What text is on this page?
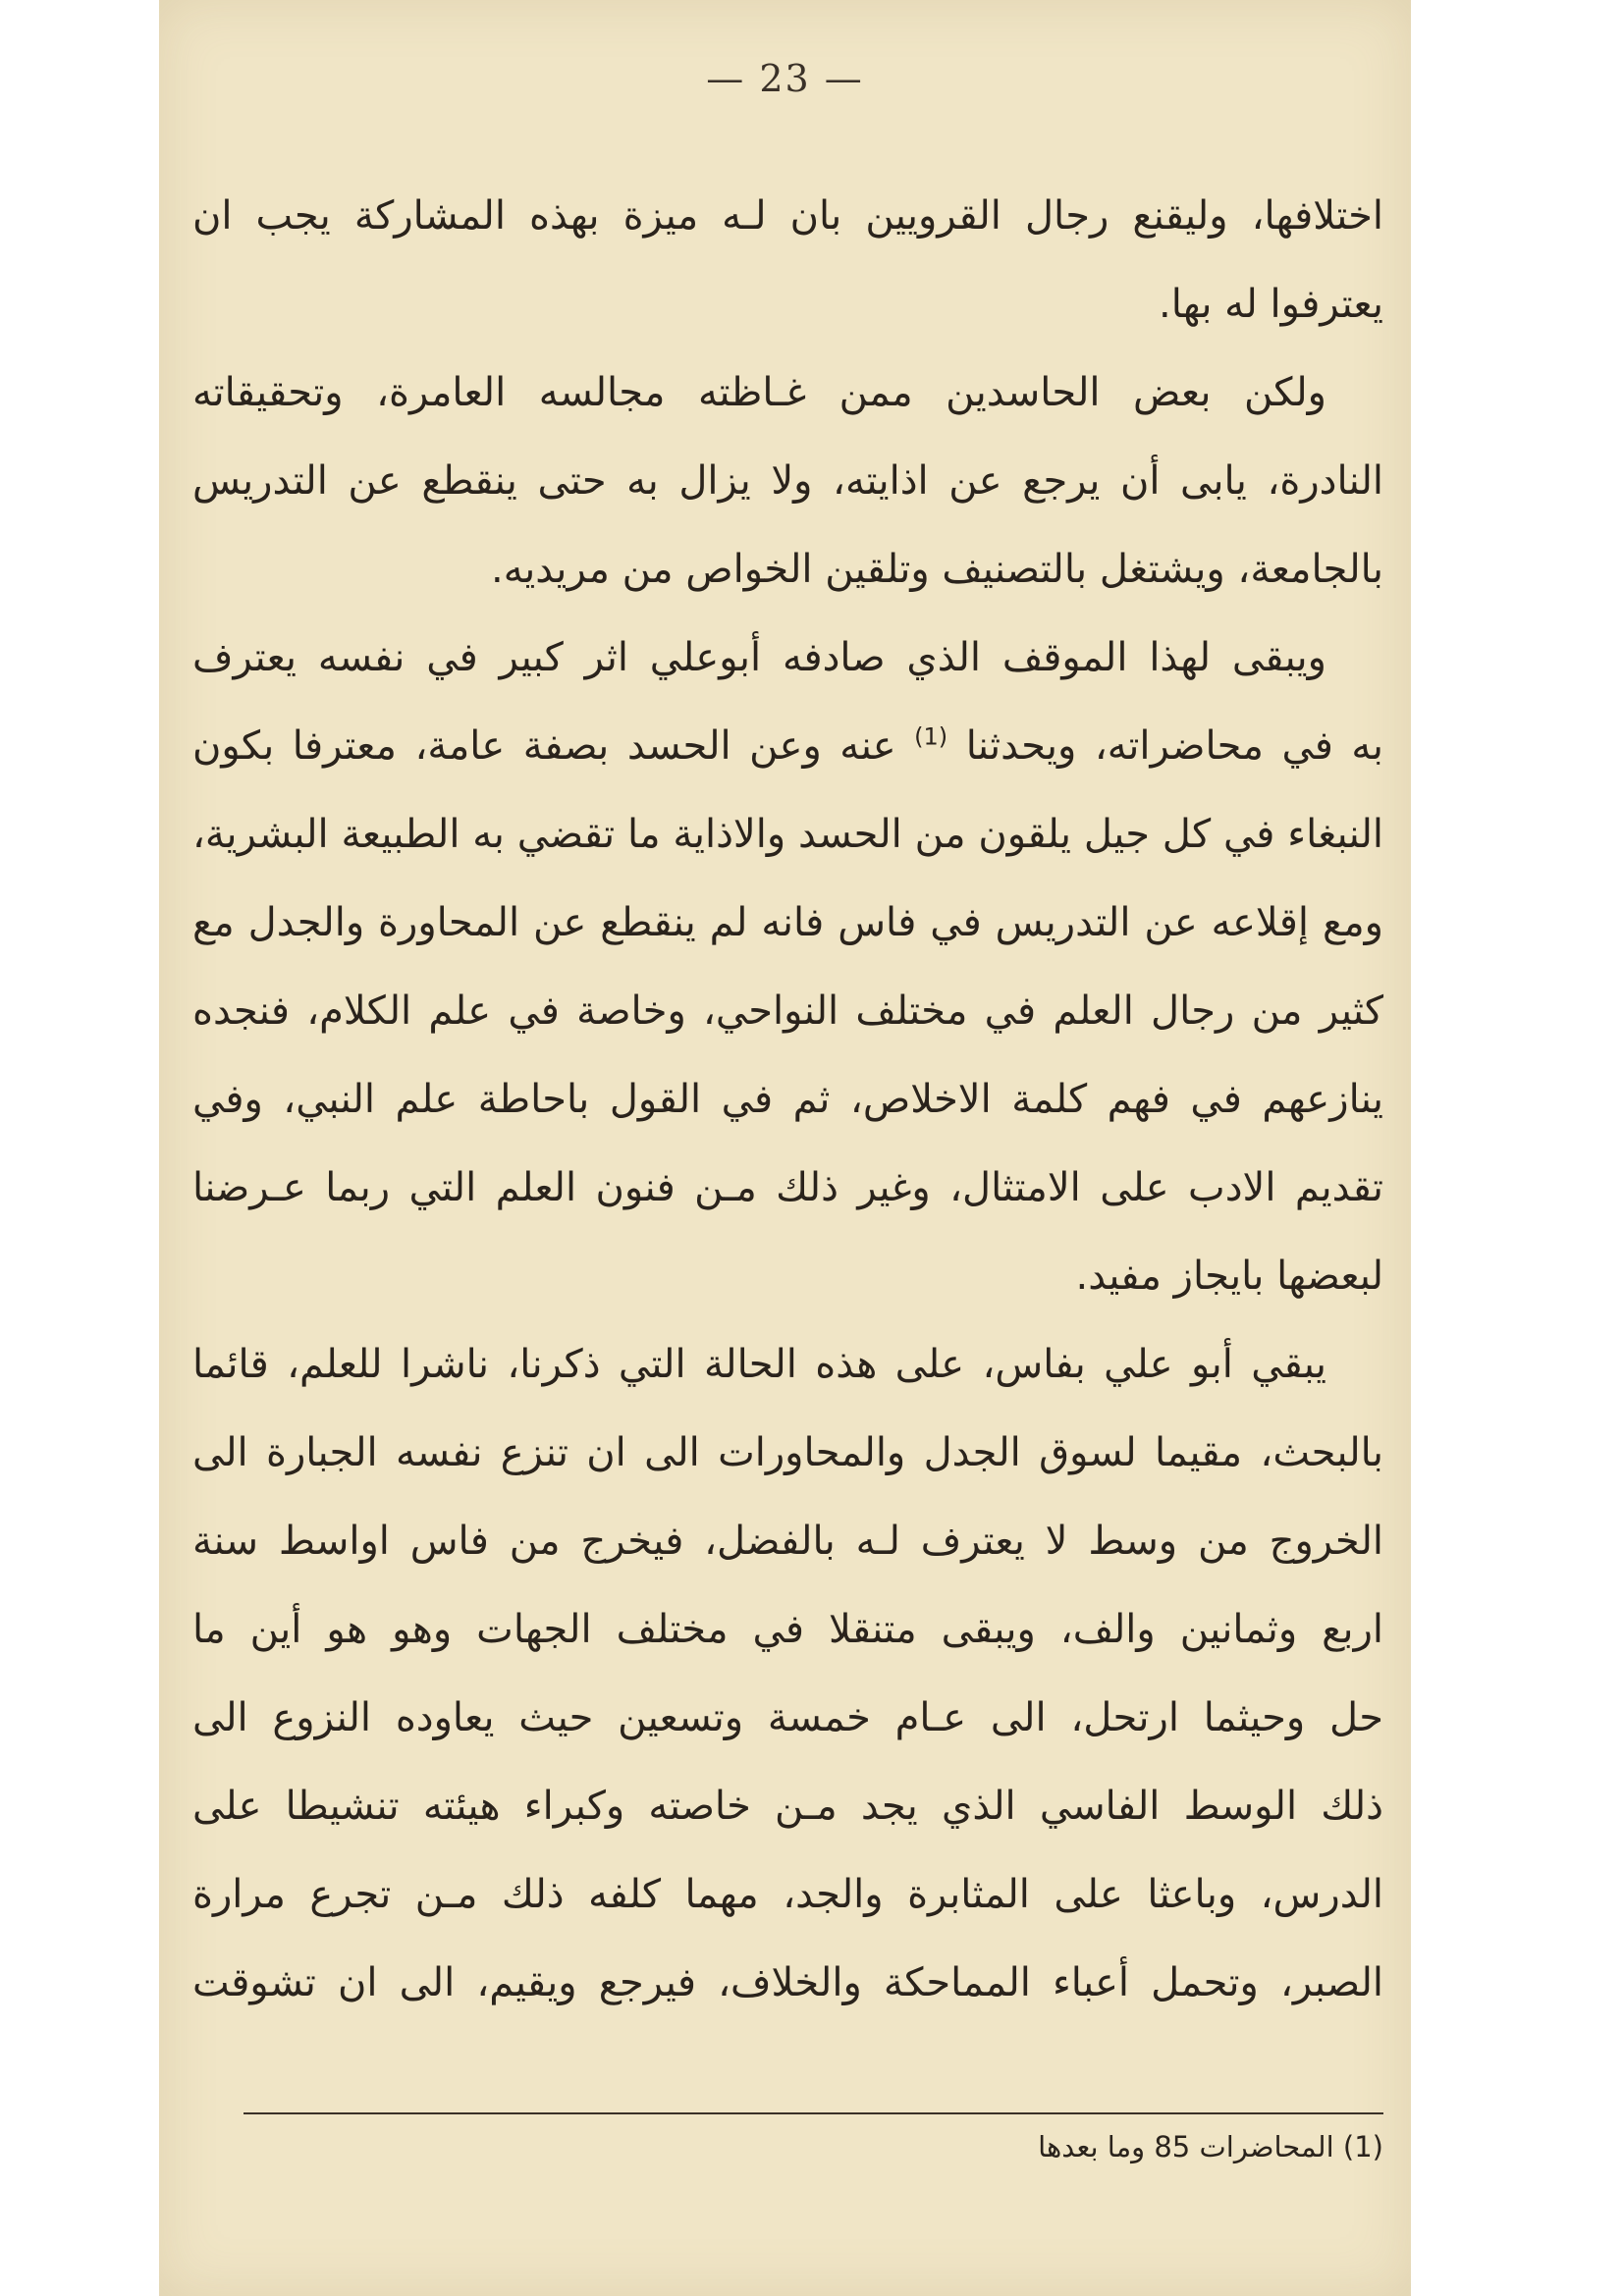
— 23 —
اختلافها، وليقنع رجال القرويين بان لـه ميزة بهذه المشاركة يجب ان
يعترفوا له بها.
ولكن بعض الحاسدين ممن غـاظته مجالسه العامرة، وتحقيقاته
النادرة، يابى أن يرجع عن اذايته، ولا يزال به حتى ينقطع عن التدريس
بالجامعة، ويشتغل بالتصنيف وتلقين الخواص من مريديه.
ويبقى لهذا الموقف الذي صادفه أبوعلي اثر كبير في نفسه يعترف
به في محاضراته، ويحدثنا $^{(1)}$ عنه وعن الحسد بصفة عامة، معترفا بكون
النبغاء في كل جيل يلقون من الحسد والاذاية ما تقضي به الطبيعة البشرية،
ومع إقلاعه عن التدريس في فاس فانه لم ينقطع عن المحاورة والجدل مع
كثير من رجال العلم في مختلف النواحي، وخاصة في علم الكلام، فنجده
ينازعهم في فهم كلمة الاخلاص، ثم في القول باحاطة علم النبي، وفي
تقديم الادب على الامتثال، وغير ذلك مـن فنون العلم التي ربما عـرضنا
لبعضها بايجاز مفيد.
يبقي أبو علي بفاس، على هذه الحالة التي ذكرنا، ناشرا للعلم، قائما
بالبحث، مقيما لسوق الجدل والمحاورات الى ان تنزع نفسه الجبارة الى
الخروج من وسط لا يعترف لـه بالفضل، فيخرج من فاس اواسط سنة
اربع وثمانين والف، ويبقى متنقلا في مختلف الجهات وهو هو أين ما
حل وحيثما ارتحل، الى عـام خمسة وتسعين حيث يعاوده النزوع الى
ذلك الوسط الفاسي الذي يجد مـن خاصته وكبراء هيئته تنشيطا على
الدرس، وباعثا على المثابرة والجد، مهما كلفه ذلك مـن تجرع مرارة
الصبر، وتحمل أعباء المماحكة والخلاف، فيرجع ويقيم، الى ان تشوقت
(1) المحاضرات 85 وما بعدها
